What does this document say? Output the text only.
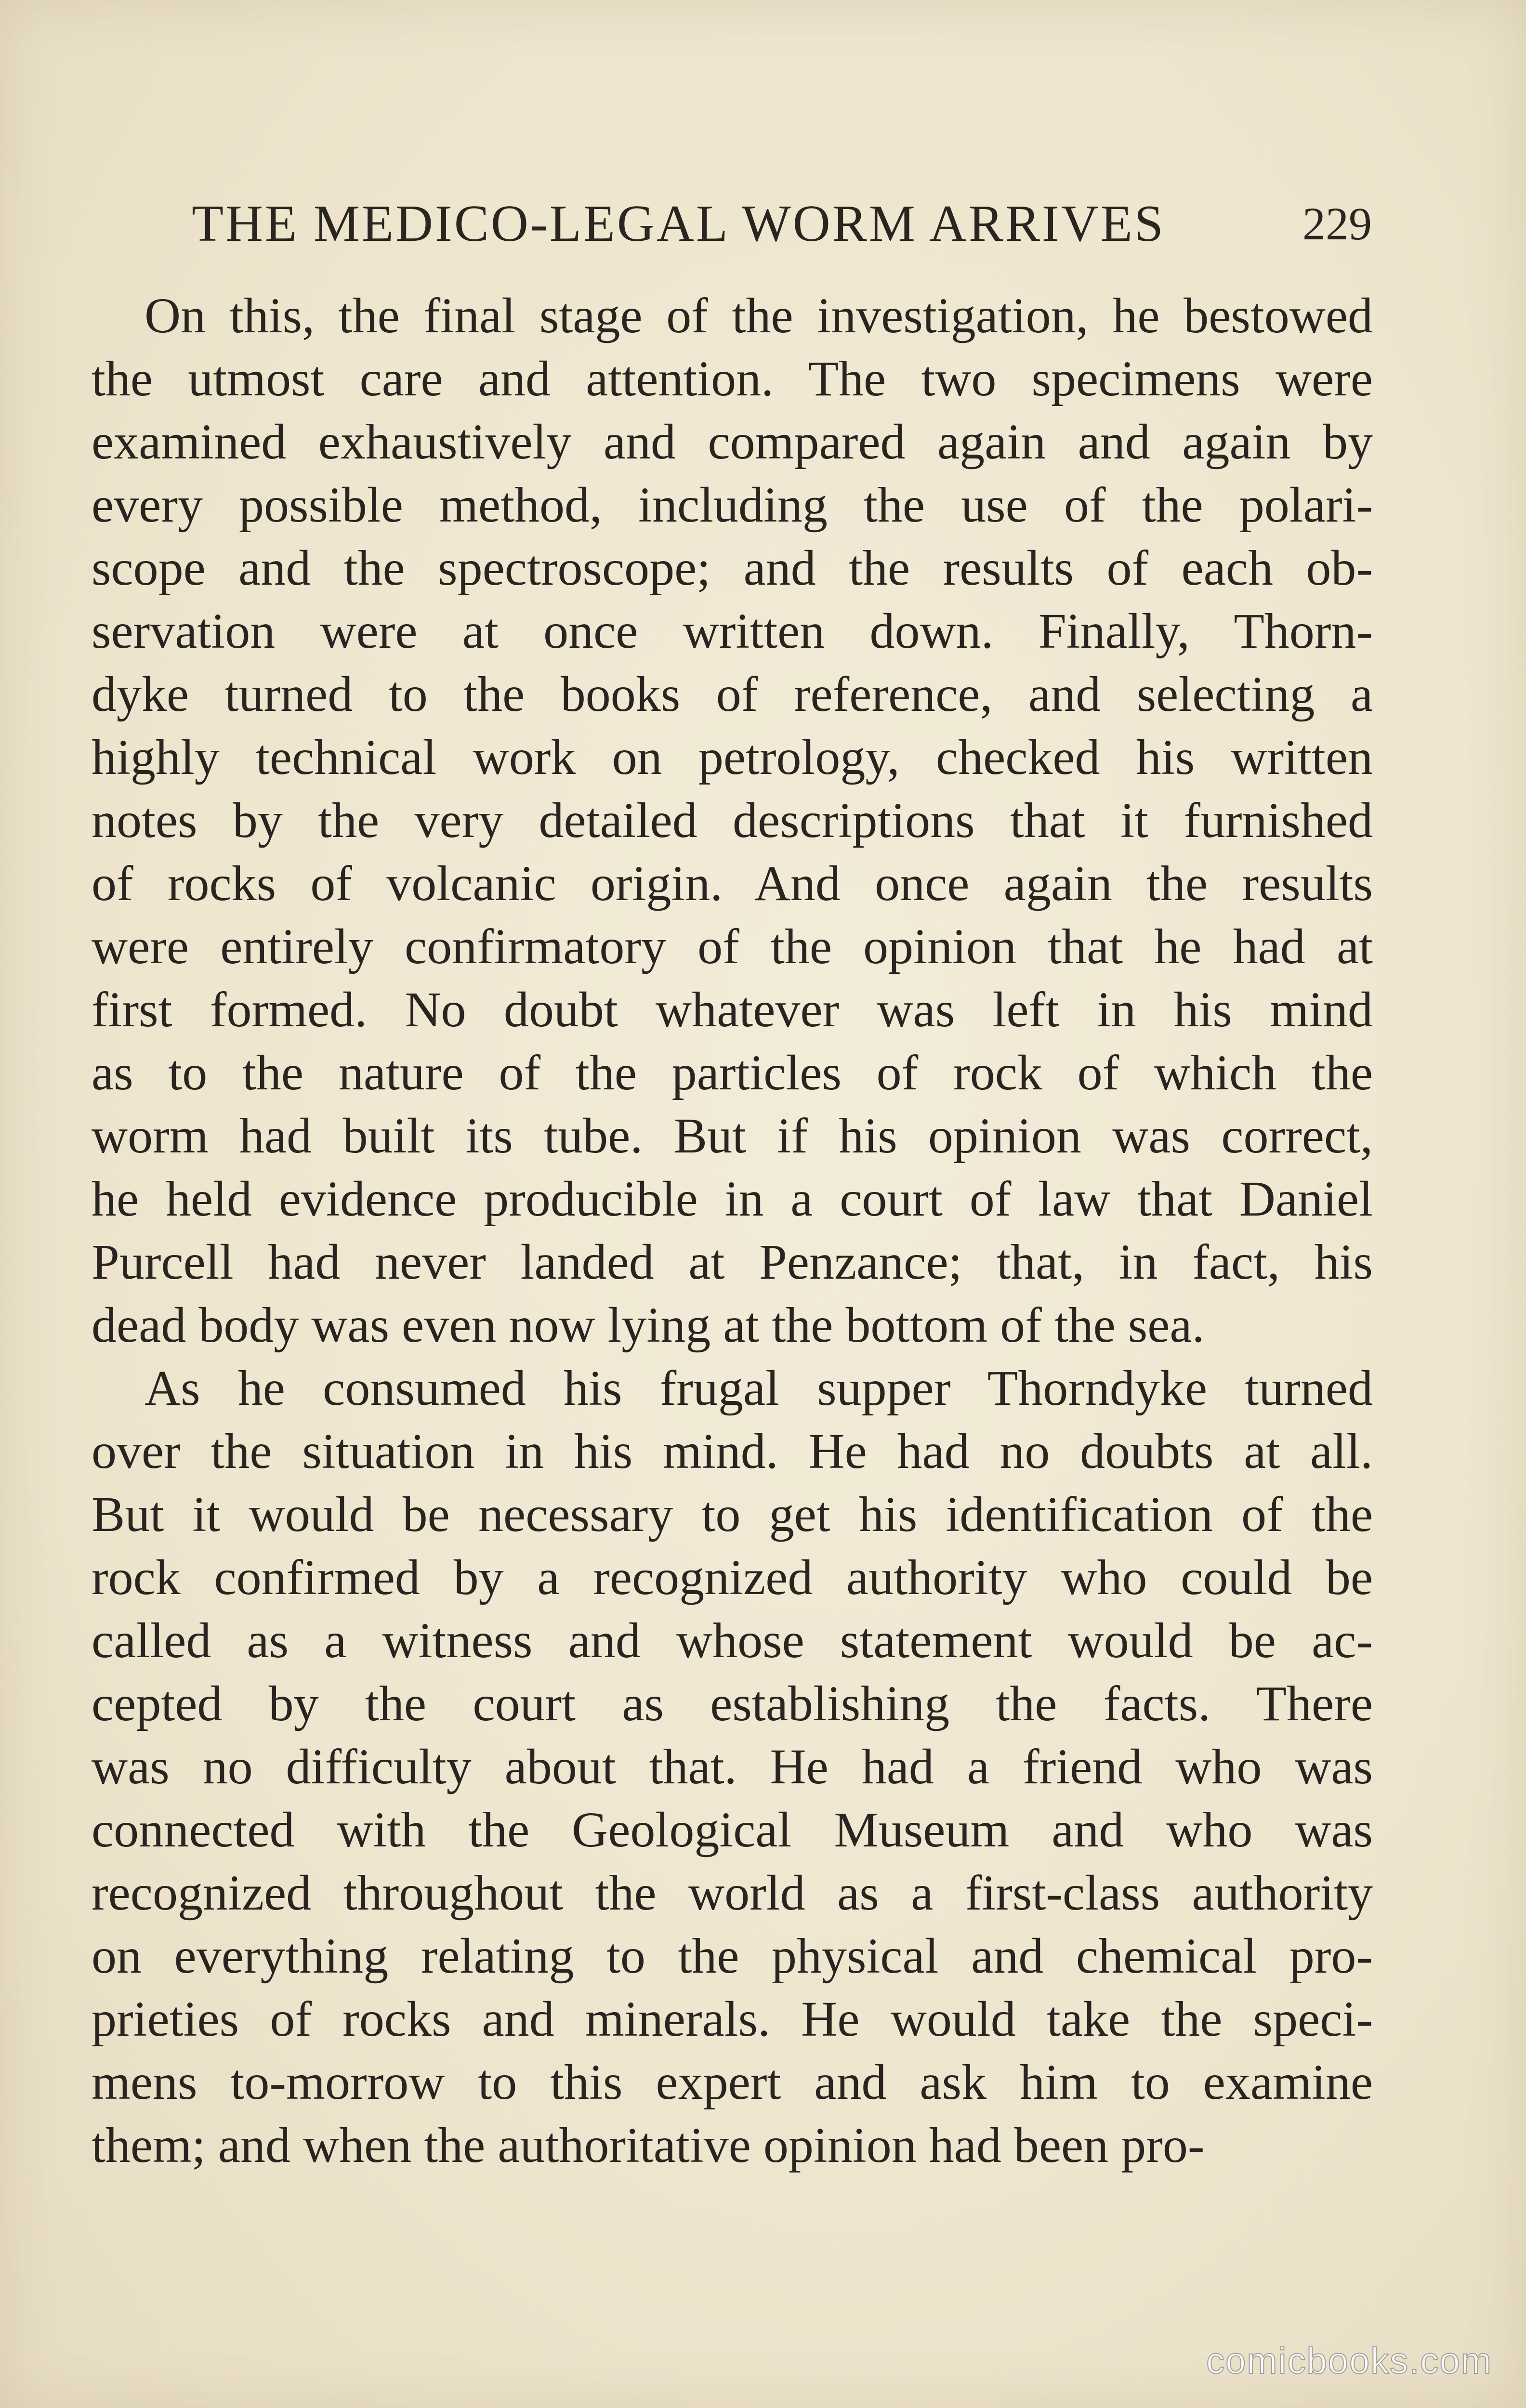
THE MEDICO-LEGAL WORM ARRIVES	229
On this, the final stage of the investigation, he bestowed
the utmost care and attention. The two specimens were
examined exhaustively and compared again and again by
every possible method, including the use of the polari-
scope and the spectroscope; and the results of each ob-
servation were at once written down. Finally, Thorn-
dyke turned to the books of reference, and selecting a
highly technical work on petrology, checked his written
notes by the very detailed descriptions that it furnished
of rocks of volcanic origin. And once again the results
were entirely confirmatory of the opinion that he had at
first formed. No doubt whatever was left in his mind
as to the nature of the particles of rock of which the
worm had built its tube. But if his opinion was correct,
he held evidence producible in a court of law that Daniel
Purcell had never landed at Penzance; that, in fact, his
dead body was even now lying at the bottom of the sea.
As he consumed his frugal supper Thorndyke turned
over the situation in his mind. He had no doubts at all.
But it would be necessary to get his identification of the
rock confirmed by a recognized authority who could be
called as a witness and whose statement would be ac-
cepted by the court as establishing the facts. There
was no difficulty about that. He had a friend who was
connected with the Geological Museum and who was
recognized throughout the world as a first-class authority
on everything relating to the physical and chemical pro-
prieties of rocks and minerals. He would take the speci-
mens to-morrow to this expert and ask him to examine
them; and when the authoritative opinion had been pro-
comicbooks.com
